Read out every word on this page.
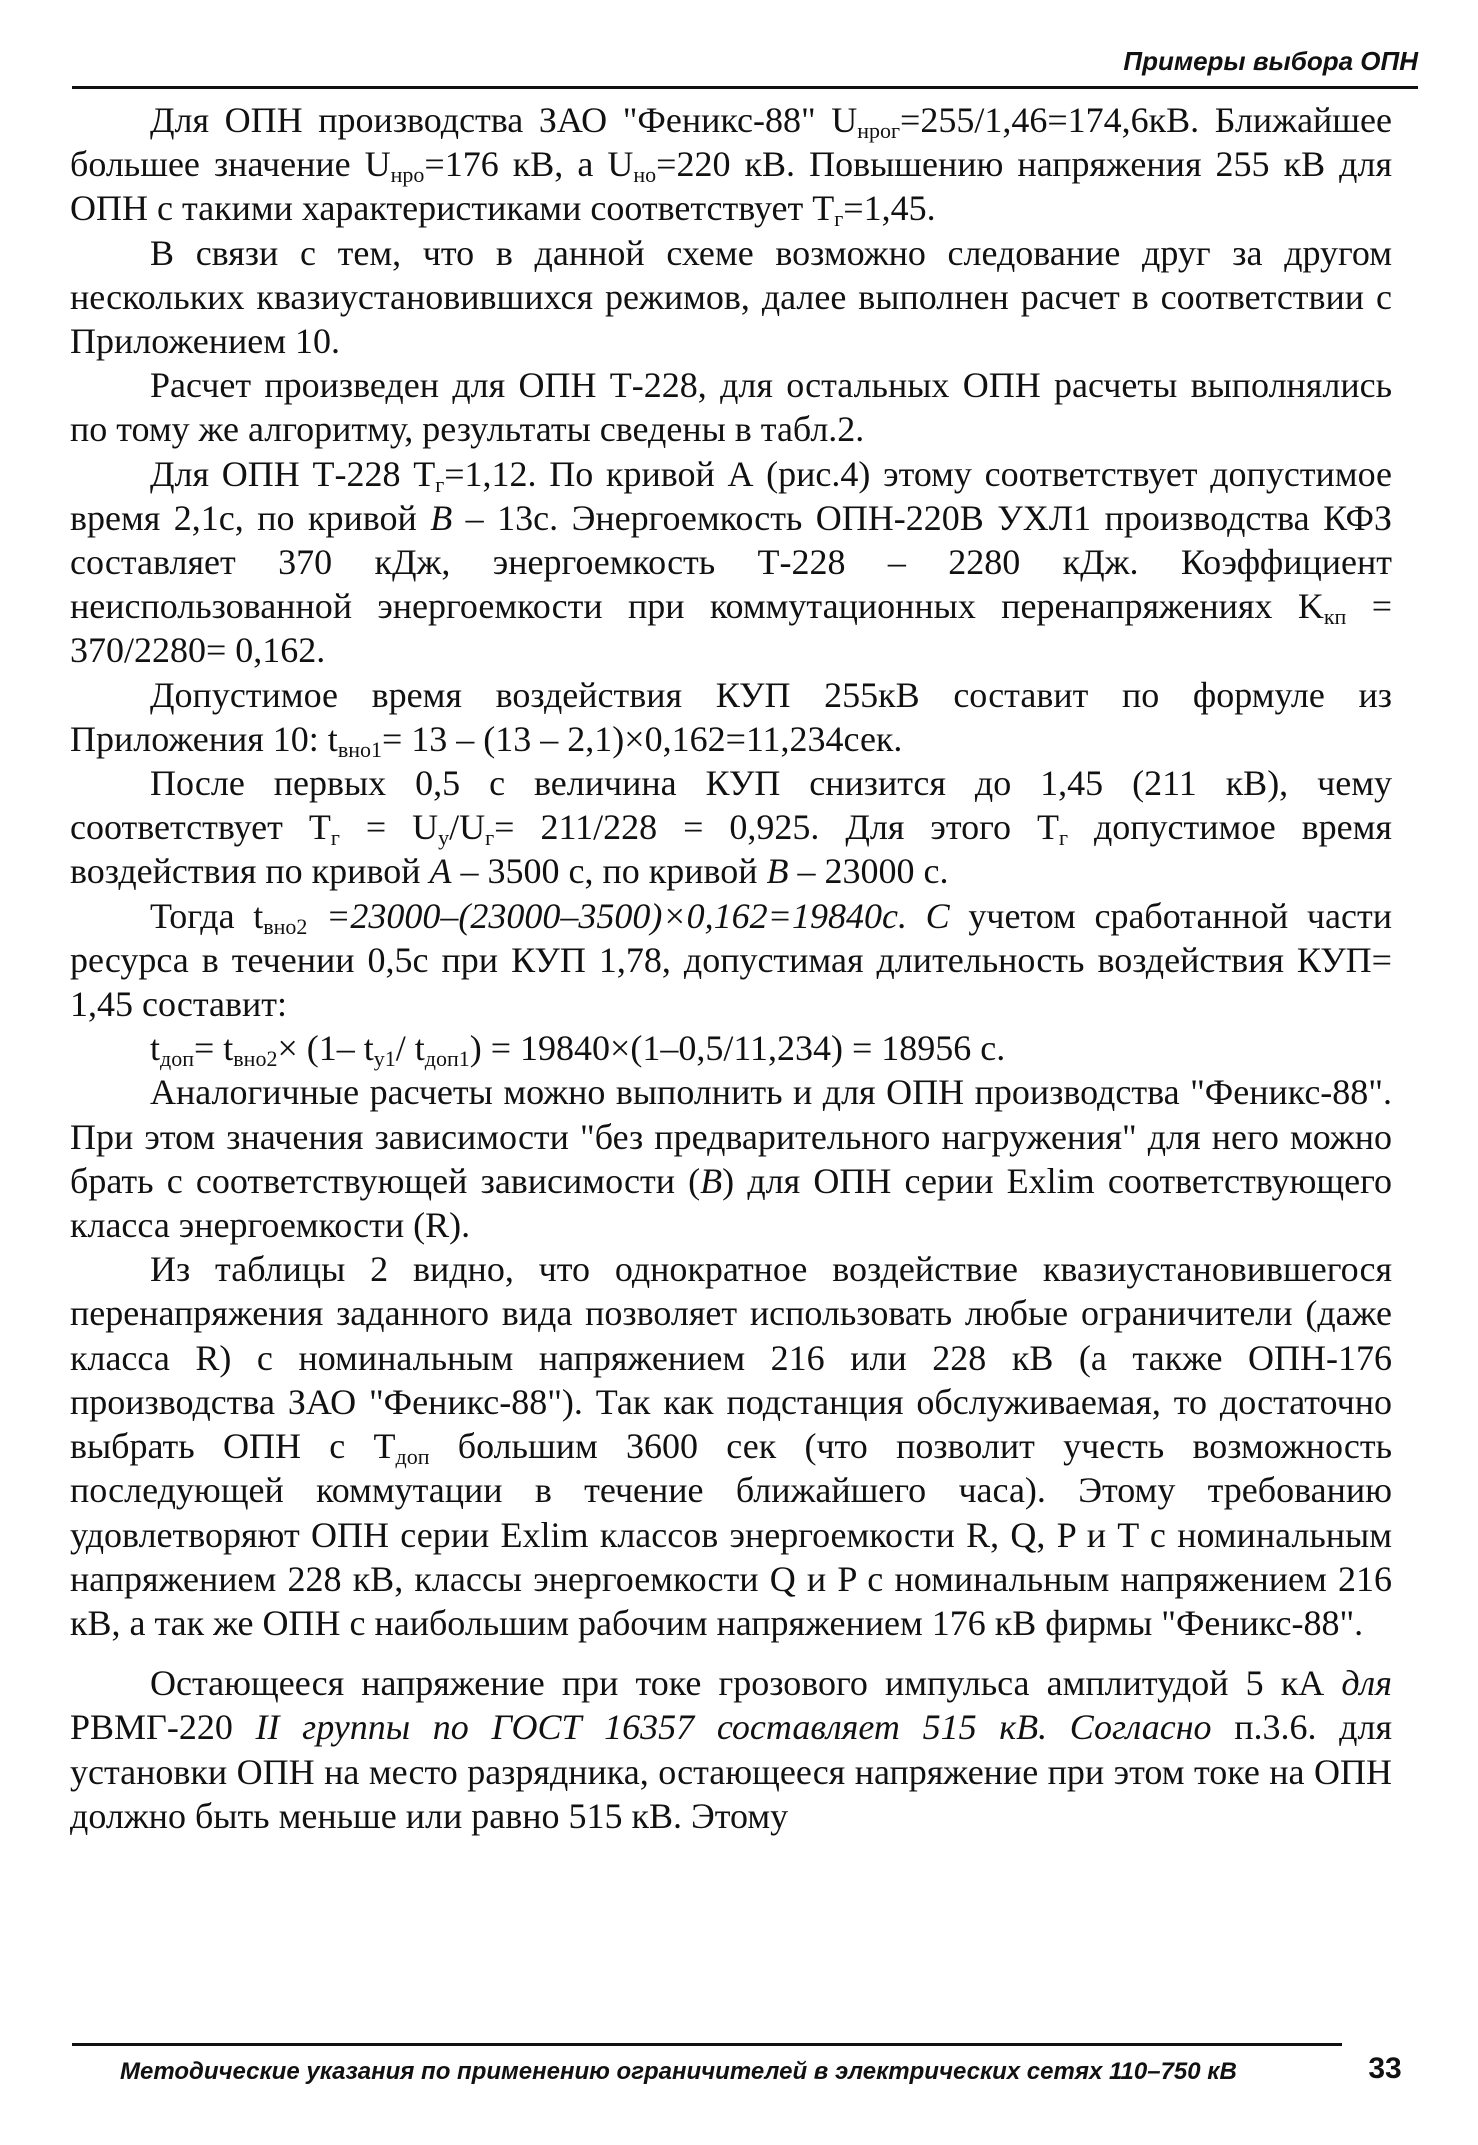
Примеры выбора ОПН

Для ОПН производства ЗАО "Феникс-88" $U_{нрог}=255/1,46=174,6кВ$. Ближайшее большее значение $U_{нро}=176$ кВ, а $U_{но}=220$ кВ. Повышению напряжения 255 кВ для ОПН с такими характеристиками соответствует $T_г=1,45$.

В связи с тем, что в данной схеме возможно следование друг за другом нескольких квазиустановившихся режимов, далее выполнен расчет в соответствии с Приложением 10.

Расчет произведен для ОПН Т-228, для остальных ОПН расчеты выполнялись по тому же алгоритму, результаты сведены в табл.2.

Для ОПН Т-228 $Т_г=1,12$. По кривой А (рис.4) этому соответствует допустимое время 2,1с, по кривой В – 13с. Энергоемкость ОПН-220В УХЛ1 производства КФЗ составляет 370 кДж, энергоемкость Т-228 – 2280 кДж. Коэффициент неиспользованной энергоемкости при коммутационных перенапряжениях $K_{кп} = 370/2280= 0,162$.

Допустимое время воздействия КУП 255кВ составит по формуле из Приложения 10: $t_{вно1}= 13 - (13 - 2,1)\times 0,162=11,234сек$.

После первых 0,5 с величина КУП снизится до 1,45 (211 кВ), чему соответствует $T_г = U_у/U_г= 211/228 = 0,925$. Для этого $T_г$ допустимое время воздействия по кривой А – 3500 с, по кривой В – 23000 с.

Тогда $t_{вно2} =23000-(23000-3500)\times 0,162=19840с$. С учетом сработанной части ресурса в течении 0,5с при КУП 1,78, допустимая длительность воздействия КУП= 1,45 составит:

$t_{доп}= t_{вно2}\times (1-$ $t_{у1}/$ $t_{доп1}) = 19840\times(1-0,5/11,234) = 18956$ с.

Аналогичные расчеты можно выполнить и для ОПН производства "Феникс-88". При этом значения зависимости "без предварительного нагружения" для него можно брать с соответствующей зависимости (В) для ОПН серии Exlim соответствующего класса энергоемкости (R).

Из таблицы 2 видно, что однократное воздействие квазиустановившегося перенапряжения заданного вида позволяет использовать любые ограничители (даже класса R) с номинальным напряжением 216 или 228 кВ (а также ОПН-176 производства ЗАО "Феникс-88"). Так как подстанция обслуживаемая, то достаточно выбрать ОПН с $T_{доп}$ большим 3600 сек (что позволит учесть возможность последующей коммутации в течение ближайшего часа). Этому требованию удовлетворяют ОПН серии Exlim классов энергоемкости R, Q, P и T с номинальным напряжением 228 кВ, классы энергоемкости Q и P с номинальным напряжением 216 кВ, а так же ОПН с наибольшим рабочим напряжением 176 кВ фирмы "Феникс-88".

Остающееся напряжение при токе грозового импульса амплитудой 5 кА для РВМГ-220 II группы по ГОСТ 16357 составляет 515 кВ. Согласно п.3.6. для установки ОПН на место разрядника, остающееся напряжение при этом токе на ОПН должно быть меньше или равно 515 кВ. Этому

Методические указания по применению ограничителей в электрических сетях 110–750 кВ	33
